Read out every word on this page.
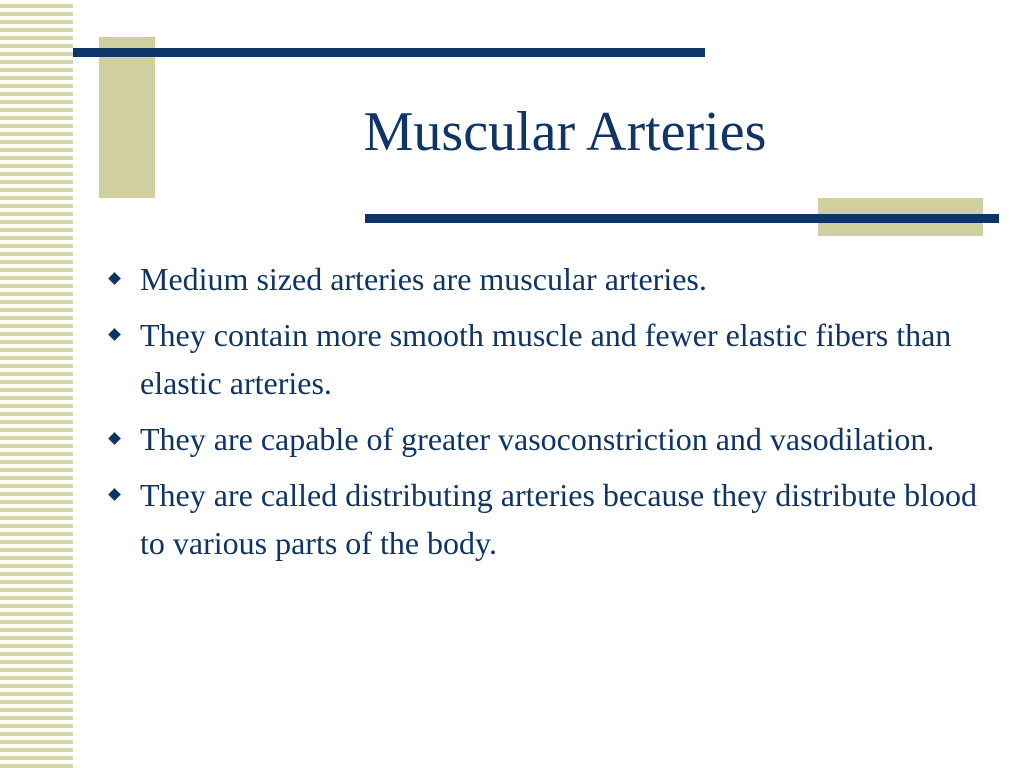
Muscular Arteries
Medium sized arteries are muscular arteries.
They contain more smooth muscle and fewer elastic fibers than elastic arteries.
They are capable of greater vasoconstriction and vasodilation.
They are called distributing arteries because they distribute blood to various parts of the body.
